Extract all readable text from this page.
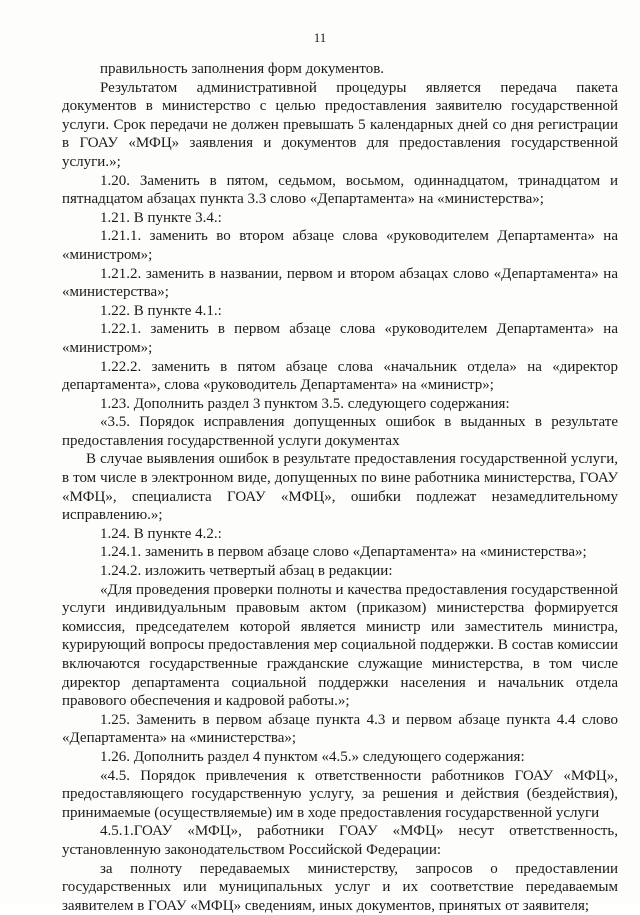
11

правильность заполнения форм документов.

Результатом административной процедуры является передача пакета документов в министерство с целью предоставления заявителю государственной услуги. Срок передачи не должен превышать 5 календарных дней со дня регистрации в ГОАУ «МФЦ» заявления и документов для предоставления государственной услуги.»;

1.20. Заменить в пятом, седьмом, восьмом, одиннадцатом, тринадцатом и пятнадцатом абзацах пункта 3.3 слово «Департамента» на «министерства»;

1.21. В пункте 3.4.:

1.21.1. заменить во втором абзаце слова «руководителем Департамента» на «министром»;

1.21.2. заменить в названии, первом и втором абзацах слово «Департамента» на «министерства»;

1.22. В пункте 4.1.:

1.22.1. заменить в первом абзаце слова «руководителем Департамента» на «министром»;

1.22.2. заменить в пятом абзаце слова «начальник отдела» на «директор департамента», слова «руководитель Департамента» на «министр»;

1.23. Дополнить раздел 3 пунктом 3.5. следующего содержания:

«3.5. Порядок исправления допущенных ошибок в выданных в результате предоставления государственной услуги документах

В случае выявления ошибок в результате предоставления государственной услуги, в том числе в электронном виде, допущенных по вине работника министерства, ГОАУ «МФЦ», специалиста ГОАУ «МФЦ», ошибки подлежат незамедлительному исправлению.»;

1.24. В пункте 4.2.:

1.24.1. заменить в первом абзаце слово «Департамента» на «министерства»;

1.24.2. изложить четвертый абзац в редакции:

«Для проведения проверки полноты и качества предоставления государственной услуги индивидуальным правовым актом (приказом) министерства формируется комиссия, председателем которой является министр или заместитель министра, курирующий вопросы предоставления мер социальной поддержки. В состав комиссии включаются государственные гражданские служащие министерства, в том числе директор департамента социальной поддержки населения и начальник отдела правового обеспечения и кадровой работы.»;

1.25. Заменить в первом абзаце пункта 4.3 и первом абзаце пункта 4.4 слово «Департамента» на «министерства»;

1.26. Дополнить раздел 4 пунктом «4.5.» следующего содержания:

«4.5. Порядок привлечения к ответственности работников ГОАУ «МФЦ», предоставляющего государственную услугу, за решения и действия (бездействия), принимаемые (осуществляемые) им в ходе предоставления государственной услуги

4.5.1.ГОАУ «МФЦ», работники ГОАУ «МФЦ» несут ответственность, установленную законодательством Российской Федерации:

за полноту передаваемых министерству, запросов о предоставлении государственных или муниципальных услуг и их соответствие передаваемым заявителем в ГОАУ «МФЦ» сведениям, иных документов, принятых от заявителя;
